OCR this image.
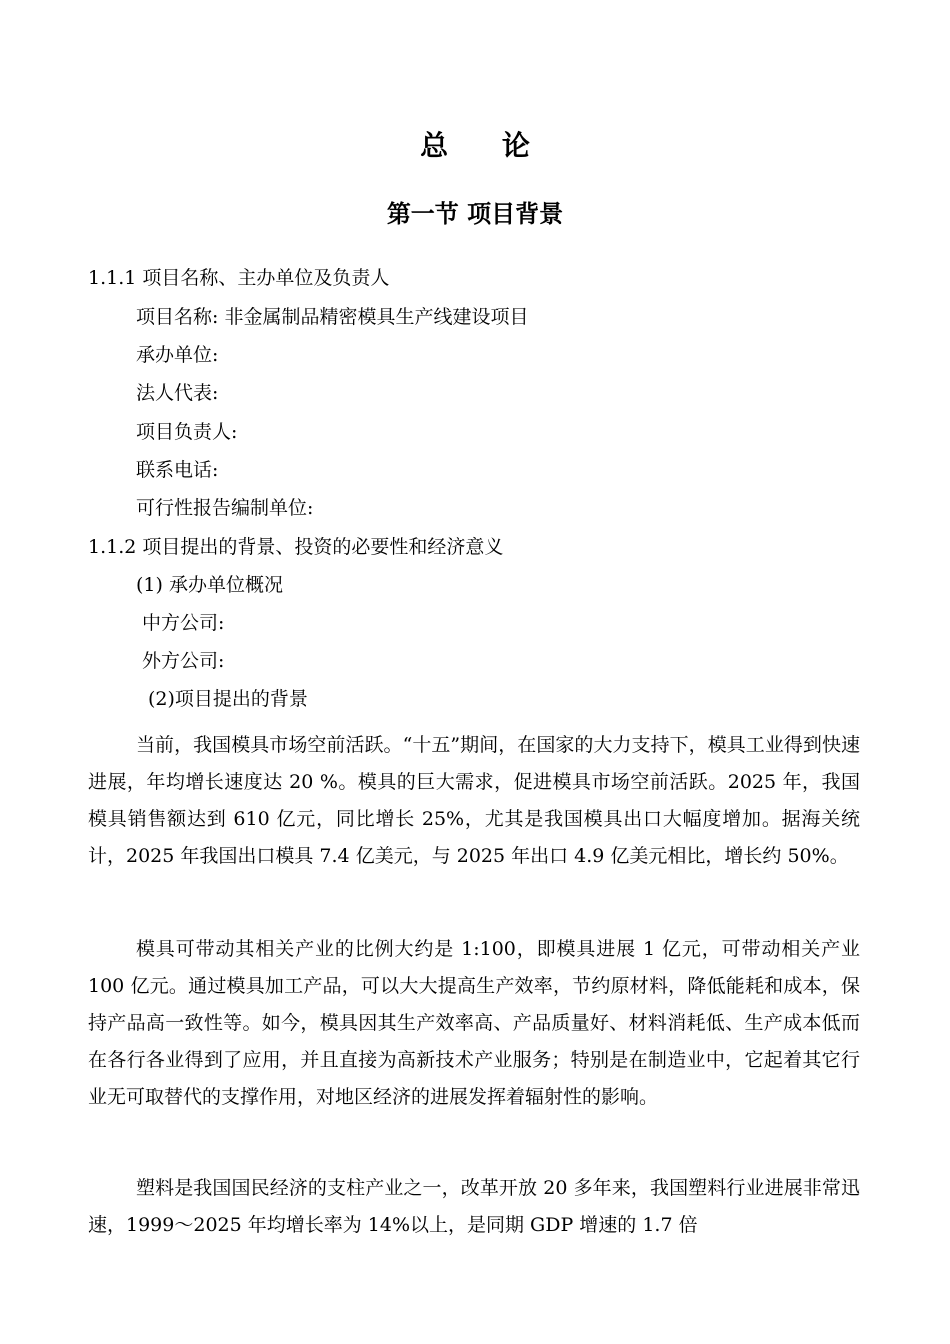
总 论
第一节 项目背景
1.1.1 项目名称、主办单位及负责人
项目名称: 非金属制品精密模具生产线建设项目
承办单位:
法人代表:
项目负责人:
联系电话:
可行性报告编制单位:
1.1.2 项目提出的背景、投资的必要性和经济意义
(1) 承办单位概况
中方公司:
外方公司:
(2)项目提出的背景
当前，我国模具市场空前活跃。“十五”期间，在国家的大力支持下，模具工业得到快速进展，年均增长速度达 20 %。模具的巨大需求，促进模具市场空前活跃。2025 年，我国模具销售额达到 610 亿元，同比增长 25%，尤其是我国模具出口大幅度增加。据海关统计，2025 年我国出口模具 7.4 亿美元，与 2025 年出口 4.9 亿美元相比，增长约 50%。
模具可带动其相关产业的比例大约是 1:100，即模具进展 1 亿元，可带动相关产业 100 亿元。通过模具加工产品，可以大大提高生产效率，节约原材料，降低能耗和成本，保持产品高一致性等。如今，模具因其生产效率高、产品质量好、材料消耗低、生产成本低而在各行各业得到了应用，并且直接为高新技术产业服务；特别是在制造业中，它起着其它行业无可取替代的支撑作用，对地区经济的进展发挥着辐射性的影响。
塑料是我国国民经济的支柱产业之一，改革开放 20 多年来，我国塑料行业进展非常迅速，1999～2025 年均增长率为 14%以上，是同期 GDP 增速的 1.7 倍
